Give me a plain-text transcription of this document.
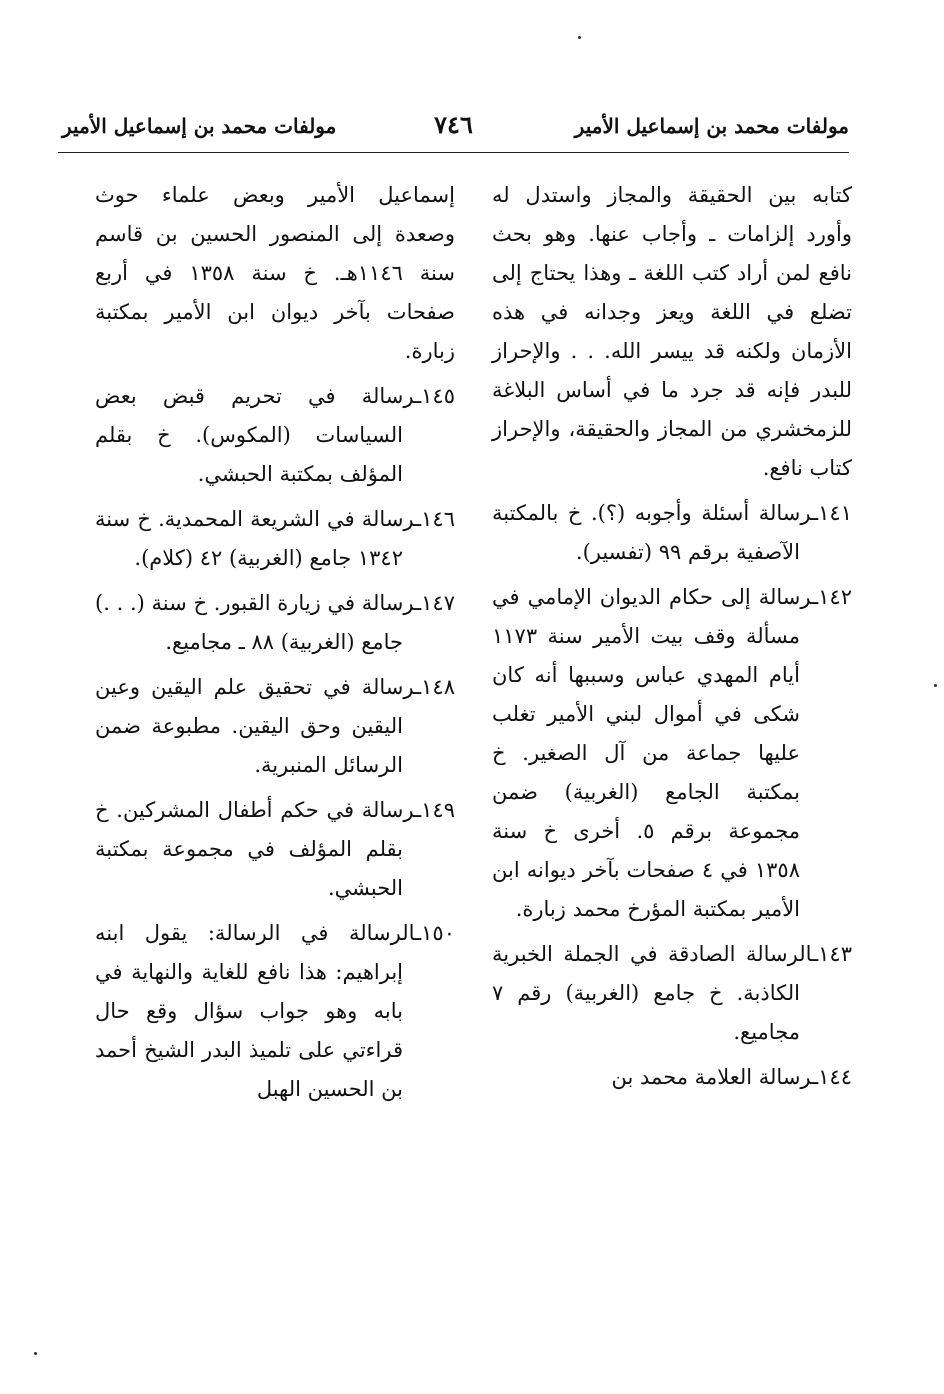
مولفات محمد بن إسماعيل الأمير	٧٤٦	مولفات محمد بن إسماعيل الأمير

كتابه بين الحقيقة والمجاز واستدل له وأورد إلزامات ـ وأجاب عنها. وهو بحث نافع لمن أراد كتب اللغة ـ وهذا يحتاج إلى تضلع في اللغة ويعز وجدانه في هذه الأزمان ولكنه قد ييسر الله. . . والإحراز للبدر فإنه قد جرد ما في أساس البلاغة للزمخشري من المجاز والحقيقة، والإحراز كتاب نافع.

١٤١ـرسالة أسئلة وأجوبه (؟). خ بالمكتبة الآصفية برقم ٩٩ (تفسير).

١٤٢ـرسالة إلى حكام الديوان الإمامي في مسألة وقف بيت الأمير سنة ١١٧٣ أيام المهدي عباس وسببها أنه كان شكى في أموال لبني الأمير تغلب عليها جماعة من آل الصغير. خ بمكتبة الجامع (الغربية) ضمن مجموعة برقم ٥. أخرى خ سنة ١٣٥٨ في ٤ صفحات بآخر ديوانه ابن الأمير بمكتبة المؤرخ محمد زبارة.

١٤٣ـالرسالة الصادقة في الجملة الخبرية الكاذبة. خ جامع (الغربية) رقم ٧ مجاميع.

١٤٤ـرسالة العلامة محمد بن

إسماعيل الأمير وبعض علماء حوث وصعدة إلى المنصور الحسين بن قاسم سنة ١١٤٦هـ. خ سنة ١٣٥٨ في أربع صفحات بآخر ديوان ابن الأمير بمكتبة زبارة.

١٤٥ـرسالة في تحريم قبض بعض السياسات (المكوس). خ بقلم المؤلف بمكتبة الحبشي.

١٤٦ـرسالة في الشريعة المحمدية. خ سنة ١٣٤٢ جامع (الغربية) ٤٢ (كلام).

١٤٧ـرسالة في زيارة القبور. خ سنة (. . .) جامع (الغربية) ٨٨ ـ مجاميع.

١٤٨ـرسالة في تحقيق علم اليقين وعين اليقين وحق اليقين. مطبوعة ضمن الرسائل المنبرية.

١٤٩ـرسالة في حكم أطفال المشركين. خ بقلم المؤلف في مجموعة بمكتبة الحبشي.

١٥٠ـالرسالة في الرسالة: يقول ابنه إبراهيم: هذا نافع للغاية والنهاية في بابه وهو جواب سؤال وقع حال قراءتي على تلميذ البدر الشيخ أحمد بن الحسين الهبل
